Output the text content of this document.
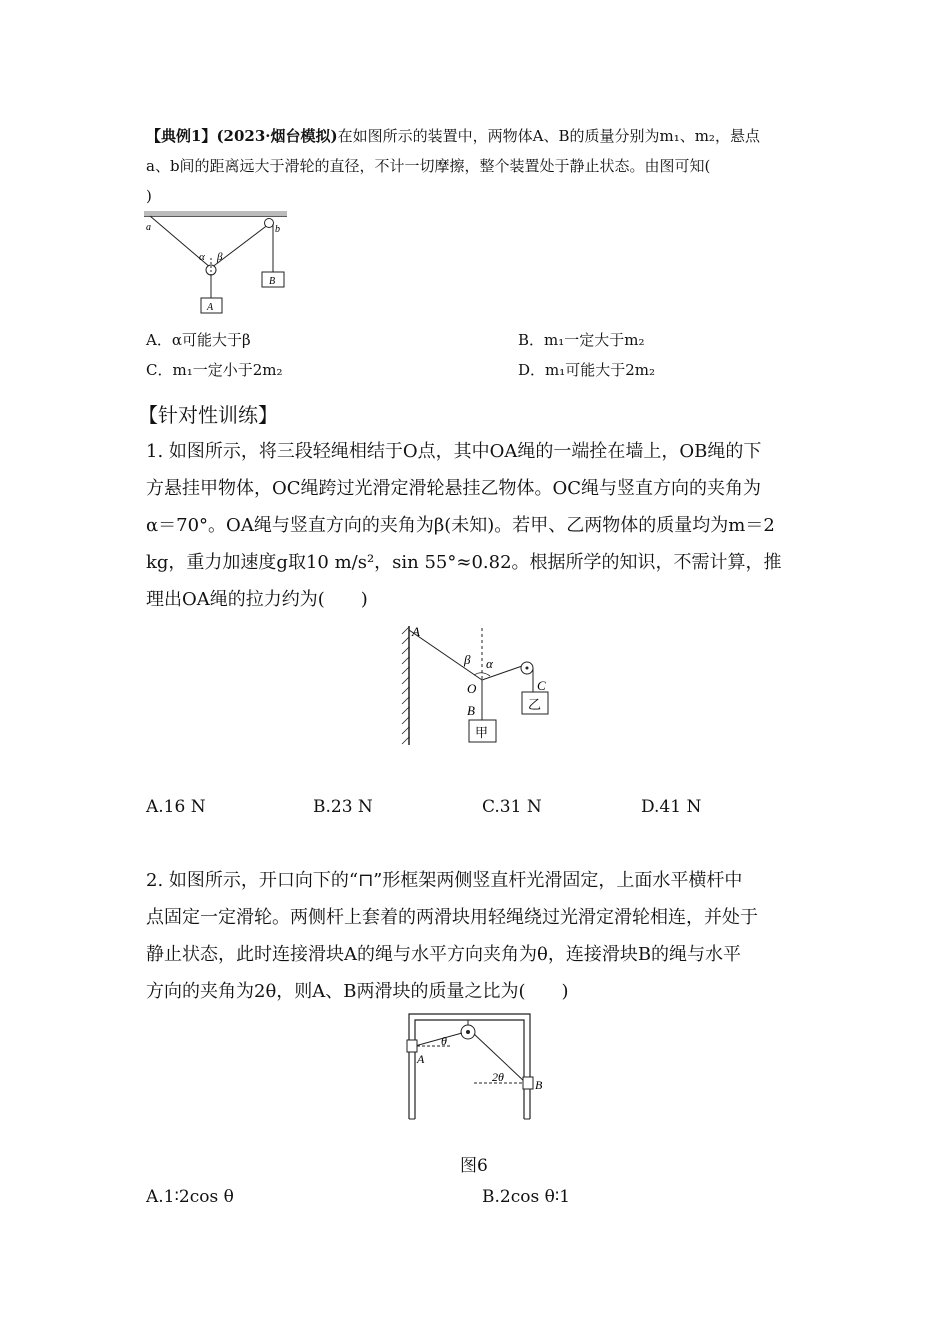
【典例1】(2023·烟台模拟)在如图所示的装置中，两物体A、B的质量分别为m₁、m₂，悬点
a、b间的距离远大于滑轮的直径，不计一切摩擦，整个装置处于静止状态。由图可知(
)
a	b
α β
A
B
A．α可能大于β	B．m₁一定大于m₂
C．m₁一定小于2m₂	D．m₁可能大于2m₂
【针对性训练】
1. 如图所示，将三段轻绳相结于O点，其中OA绳的一端拴在墙上，OB绳的下
方悬挂甲物体，OC绳跨过光滑定滑轮悬挂乙物体。OC绳与竖直方向的夹角为
α＝70°。OA绳与竖直方向的夹角为β(未知)。若甲、乙两物体的质量均为m＝2
kg，重力加速度g取10 m/s²，sin 55°≈0.82。根据所学的知识，不需计算，推
理出OA绳的拉力约为(　　)
A
β α
O
B
C
甲
乙
A.16 N	B.23 N	C.31 N	D.41 N
2. 如图所示，开口向下的“⊓”形框架两侧竖直杆光滑固定，上面水平横杆中
点固定一定滑轮。两侧杆上套着的两滑块用轻绳绕过光滑定滑轮相连，并处于
静止状态，此时连接滑块A的绳与水平方向夹角为θ，连接滑块B的绳与水平
方向的夹角为2θ，则A、B两滑块的质量之比为(　　)
θ
2θ
A
B
图6
A.1∶2cos θ	B.2cos θ∶1
